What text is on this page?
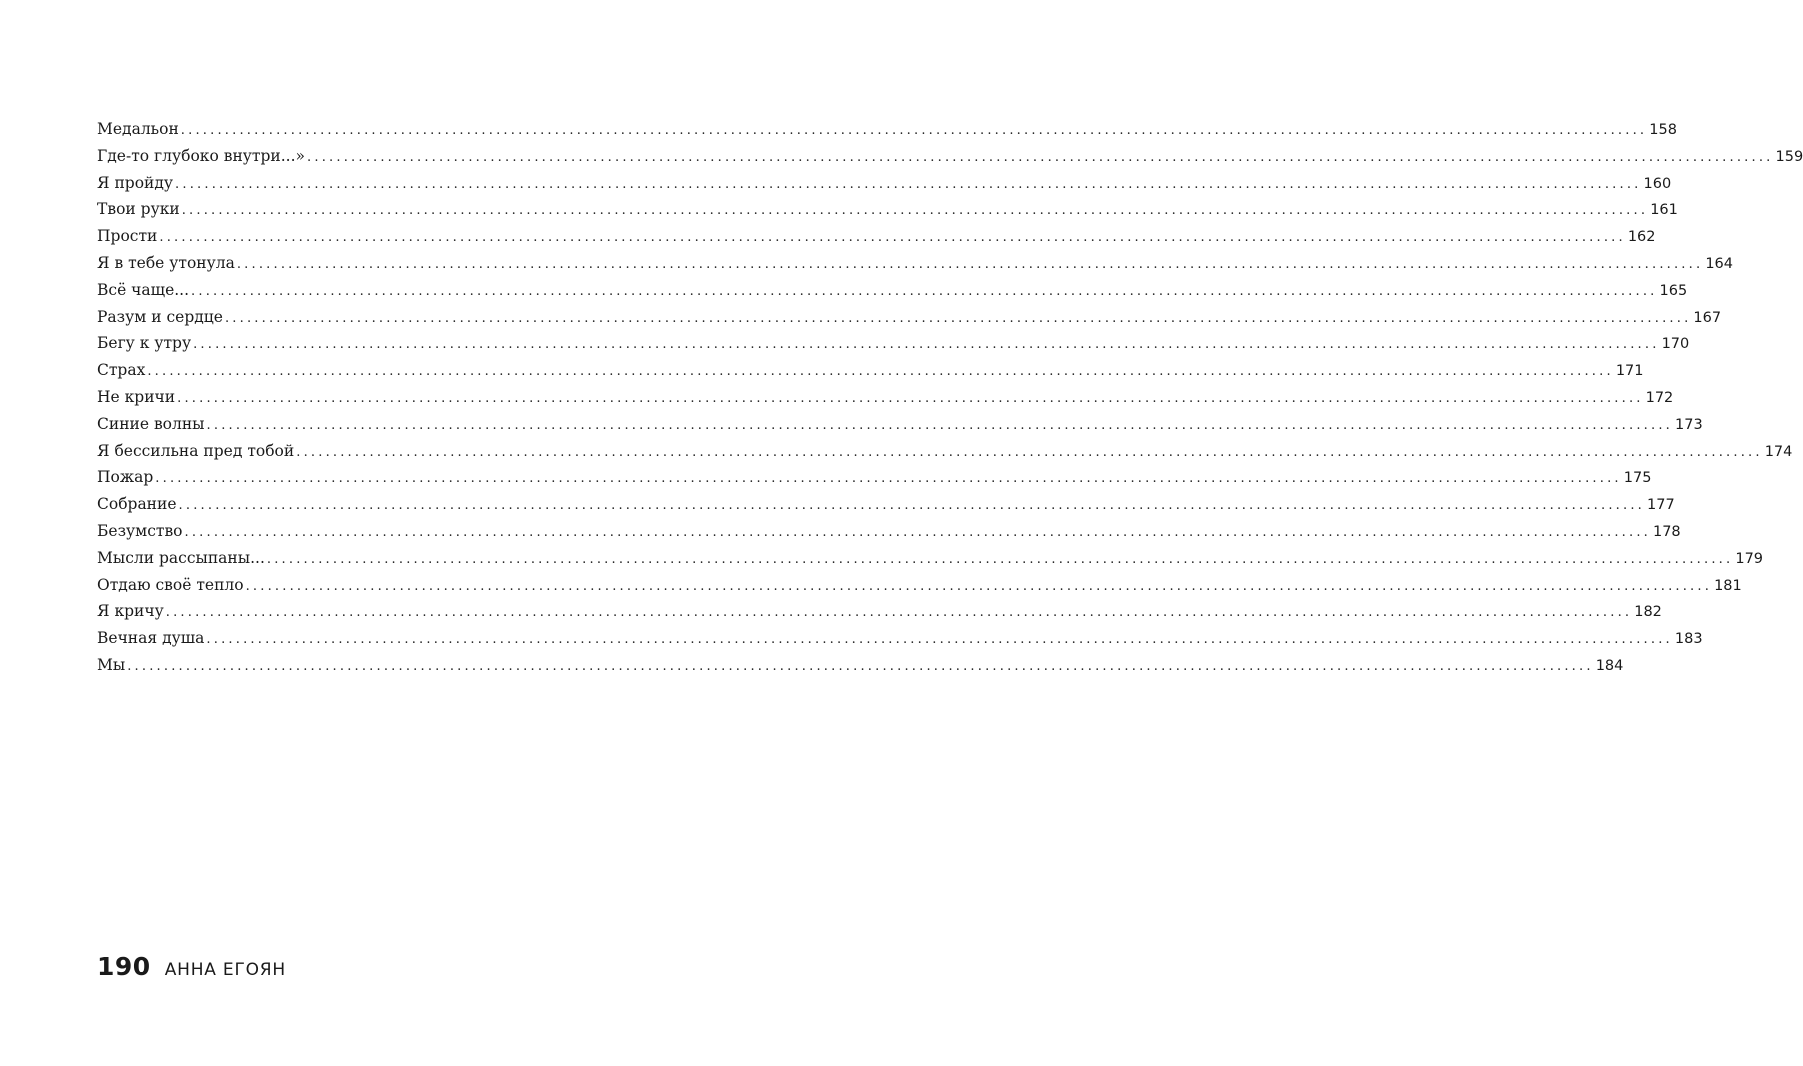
Медальон ........................................................................................................................................................................................................ 158
Где-то глубоко внутри...» ........................................................................................................................................................................................................ 159
Я пройду ........................................................................................................................................................................................................ 160
Твои руки ........................................................................................................................................................................................................ 161
Прости ........................................................................................................................................................................................................ 162
Я в тебе утонула ........................................................................................................................................................................................................ 164
Всё чаще... ........................................................................................................................................................................................................ 165
Разум и сердце ........................................................................................................................................................................................................ 167
Бегу к утру ........................................................................................................................................................................................................ 170
Страх ........................................................................................................................................................................................................ 171
Не кричи ........................................................................................................................................................................................................ 172
Синие волны ........................................................................................................................................................................................................ 173
Я бессильна пред тобой ........................................................................................................................................................................................................ 174
Пожар ........................................................................................................................................................................................................ 175
Собрание ........................................................................................................................................................................................................ 177
Безумство ........................................................................................................................................................................................................ 178
Мысли рассыпаны... ........................................................................................................................................................................................................ 179
Отдаю своё тепло ........................................................................................................................................................................................................ 181
Я кричу ........................................................................................................................................................................................................ 182
Вечная душа ........................................................................................................................................................................................................ 183
Мы ........................................................................................................................................................................................................ 184
190 АННА ЕГОЯН
